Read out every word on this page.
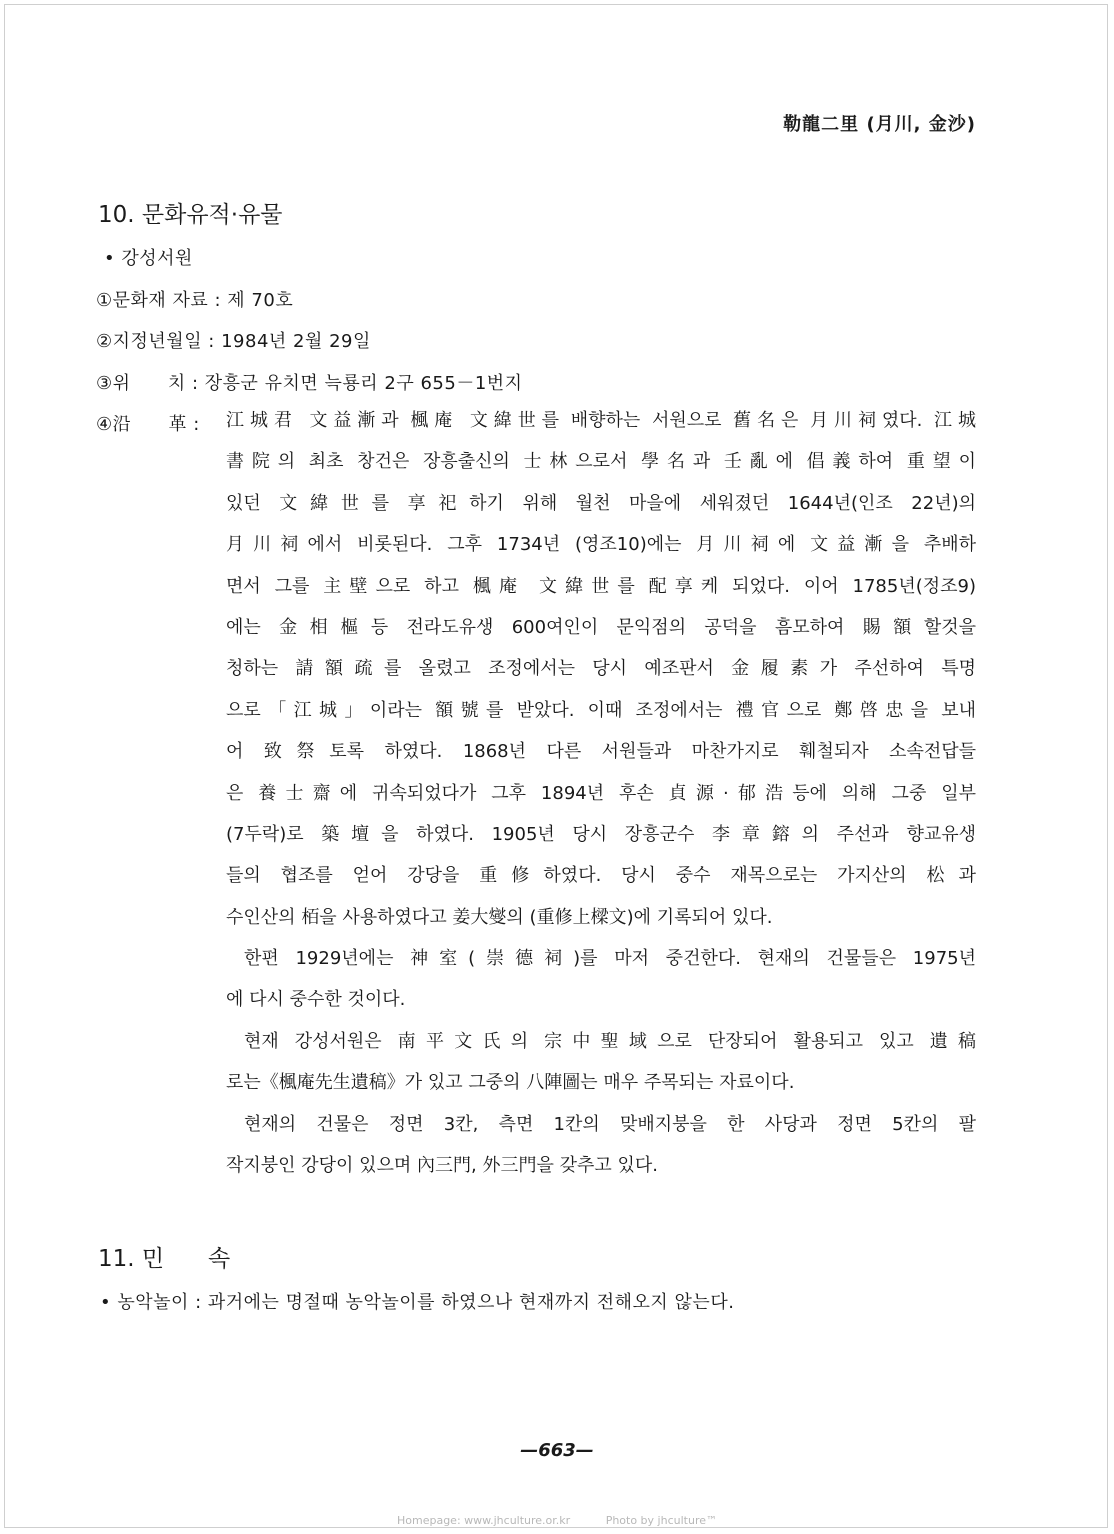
勒龍二里 (月川, 金沙)
10. 문화유적·유물
• 강성서원
①문화재 자료 : 제 70호
②지정년월일 : 1984년 2월 29일
③위      치 : 장흥군 유치면 늑룡리 2구 655－1번지
④沿      革 : 江城君 文益漸과 楓庵 文緯世를 배향하는 서원으로 舊名은 月川祠였다. 江城
書院의 최초 창건은 장흥출신의 士林으로서 學名과 壬亂에 倡義하여 重望이
있던 文緯世를 享祀하기 위해 월천 마을에 세워졌던 1644년(인조 22년)의
月川祠에서 비롯된다. 그후 1734년 (영조10)에는 月川祠에 文益漸을 추배하
면서 그를 主壁으로 하고 楓庵 文緯世를 配享케 되었다. 이어 1785년(정조9)
에는 金相樞등 전라도유생 600여인이 문익점의 공덕을 흠모하여 賜額할것을
청하는 請額疏를 올렸고 조정에서는 당시 예조판서 金履素가 주선하여 특명
으로「江城」이라는 額號를 받았다. 이때 조정에서는 禮官으로 鄭啓忠을 보내
어 致祭토록 하였다. 1868년 다른 서원들과 마찬가지로 훼철되자 소속전답들
은 養士齋에 귀속되었다가 그후 1894년 후손 貞源·郁浩등에 의해 그중 일부
(7두락)로 築壇을 하였다. 1905년 당시 장흥군수 李章鎔의 주선과 향교유생
들의 협조를 얻어 강당을 重修하였다. 당시 중수 재목으로는 가지산의 松과
수인산의 栢을 사용하였다고 姜大燮의 (重修上樑文)에 기록되어 있다.
한편 1929년에는 神室(崇德祠)를 마저 중건한다. 현재의 건물들은 1975년
에 다시 중수한 것이다.
현재 강성서원은 南平文氏의 宗中聖域으로 단장되어 활용되고 있고 遺稿
로는《楓庵先生遺稿》가 있고 그중의 八陣圖는 매우 주목되는 자료이다.
현재의 건물은 정면 3칸, 측면 1칸의 맞배지붕을 한 사당과 정면 5칸의 팔
작지붕인 강당이 있으며 內三門, 外三門을 갖추고 있다.
11. 민      속
• 농악놀이 : 과거에는 명절때 농악놀이를 하였으나 현재까지 전해오지 않는다.
—663—
Homepage: www.jhculture.or.kr	Photo by jhculture™
